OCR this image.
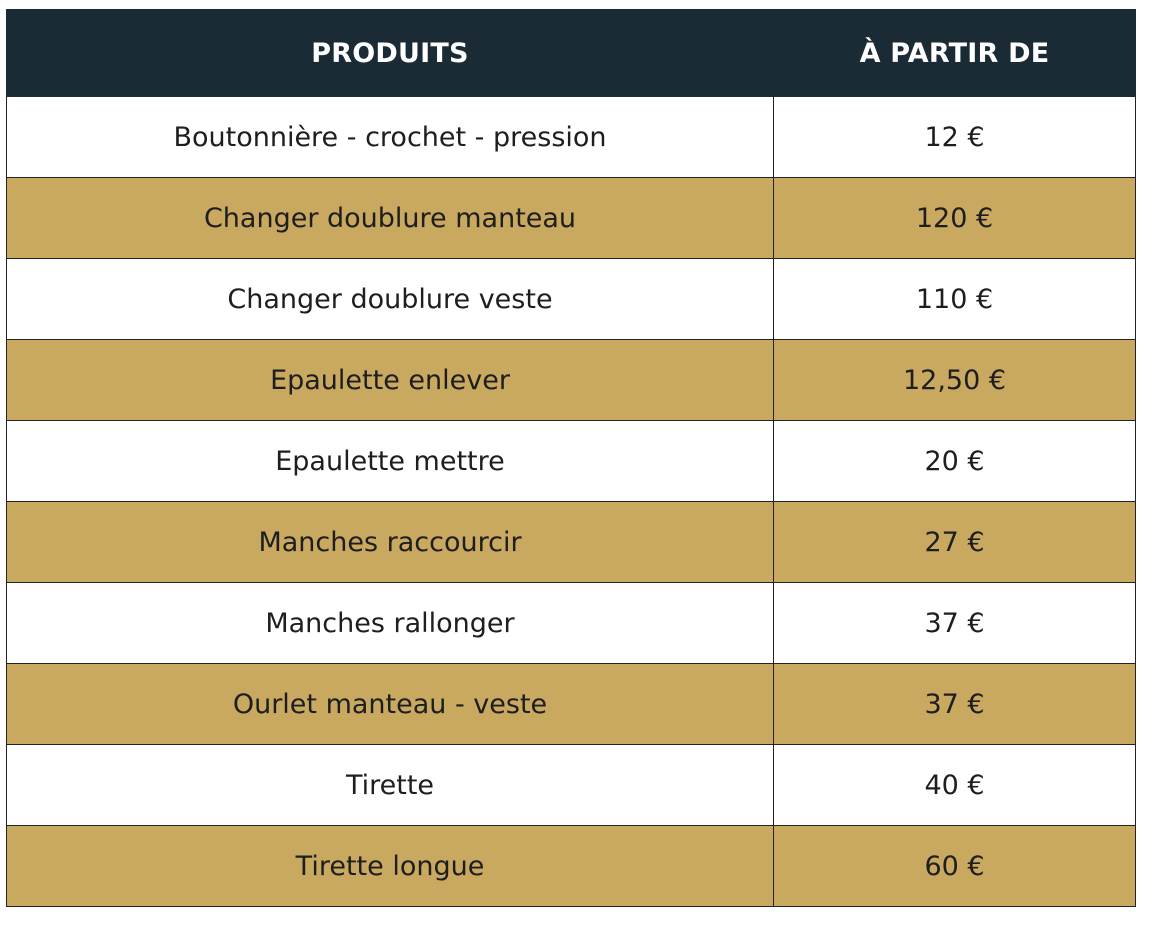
PRODUITS	À PARTIR DE
Boutonnière - crochet - pression	12 €
Changer doublure manteau	120 €
Changer doublure veste	110 €
Epaulette enlever	12,50 €
Epaulette mettre	20 €
Manches raccourcir	27 €
Manches rallonger	37 €
Ourlet manteau - veste	37 €
Tirette	40 €
Tirette longue	60 €
